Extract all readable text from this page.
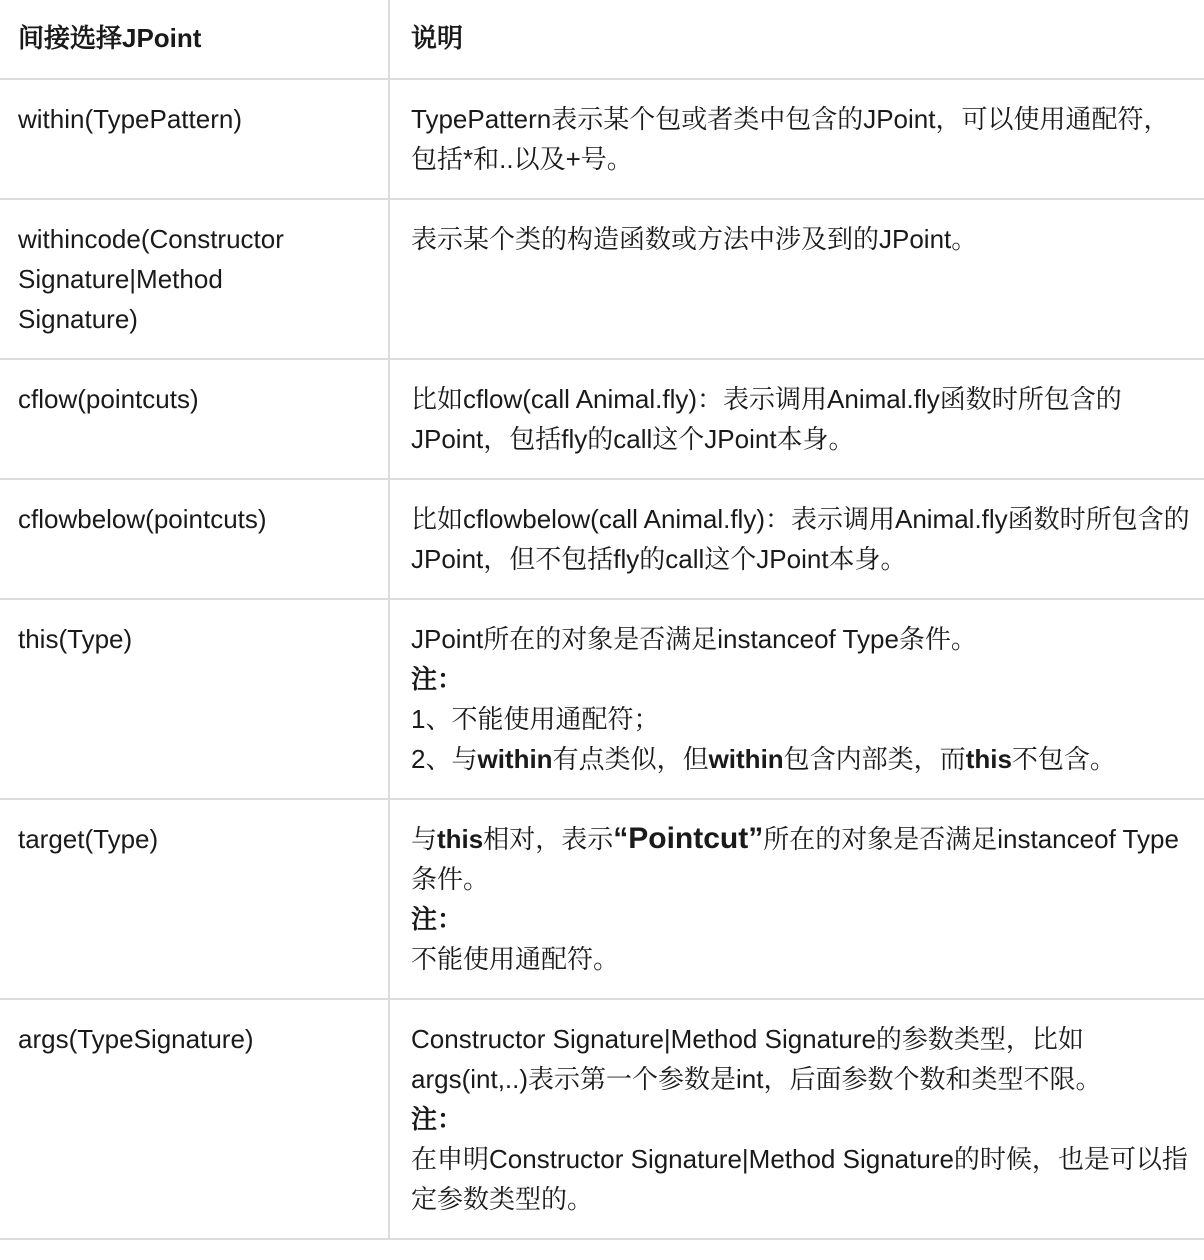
间接选择JPoint	说明
within(TypePattern)	TypePattern表示某个包或者类中包含的JPoint，可以使用通配符，包括*和..以及+号。

withincode(Constructor
Signature|Method
Signature)	表示某个类的构造函数或方法中涉及到的JPoint。
cflow(pointcuts)	比如cflow(call Animal.fly)：表示调用Animal.fly函数时所包含的JPoint，包括fly的call这个JPoint本身。
cflowbelow(pointcuts)	比如cflowbelow(call Animal.fly)：表示调用Animal.fly函数时所包含的JPoint，但不包括fly的call这个JPoint本身。
this(Type)	JPoint所在的对象是否满足instanceof Type条件。
注：
1、不能使用通配符；
2、与within有点类似，但within包含内部类，而this不包含。

target(Type)	与this相对，表示“Pointcut”所在的对象是否满足instanceof Type条件。
注：
不能使用通配符。

args(TypeSignature)	Constructor Signature|Method Signature的参数类型，比如args(int,..)表示第一个参数是int，后面参数个数和类型不限。
注：
在申明Constructor Signature|Method Signature的时候，也是可以指定参数类型的。
